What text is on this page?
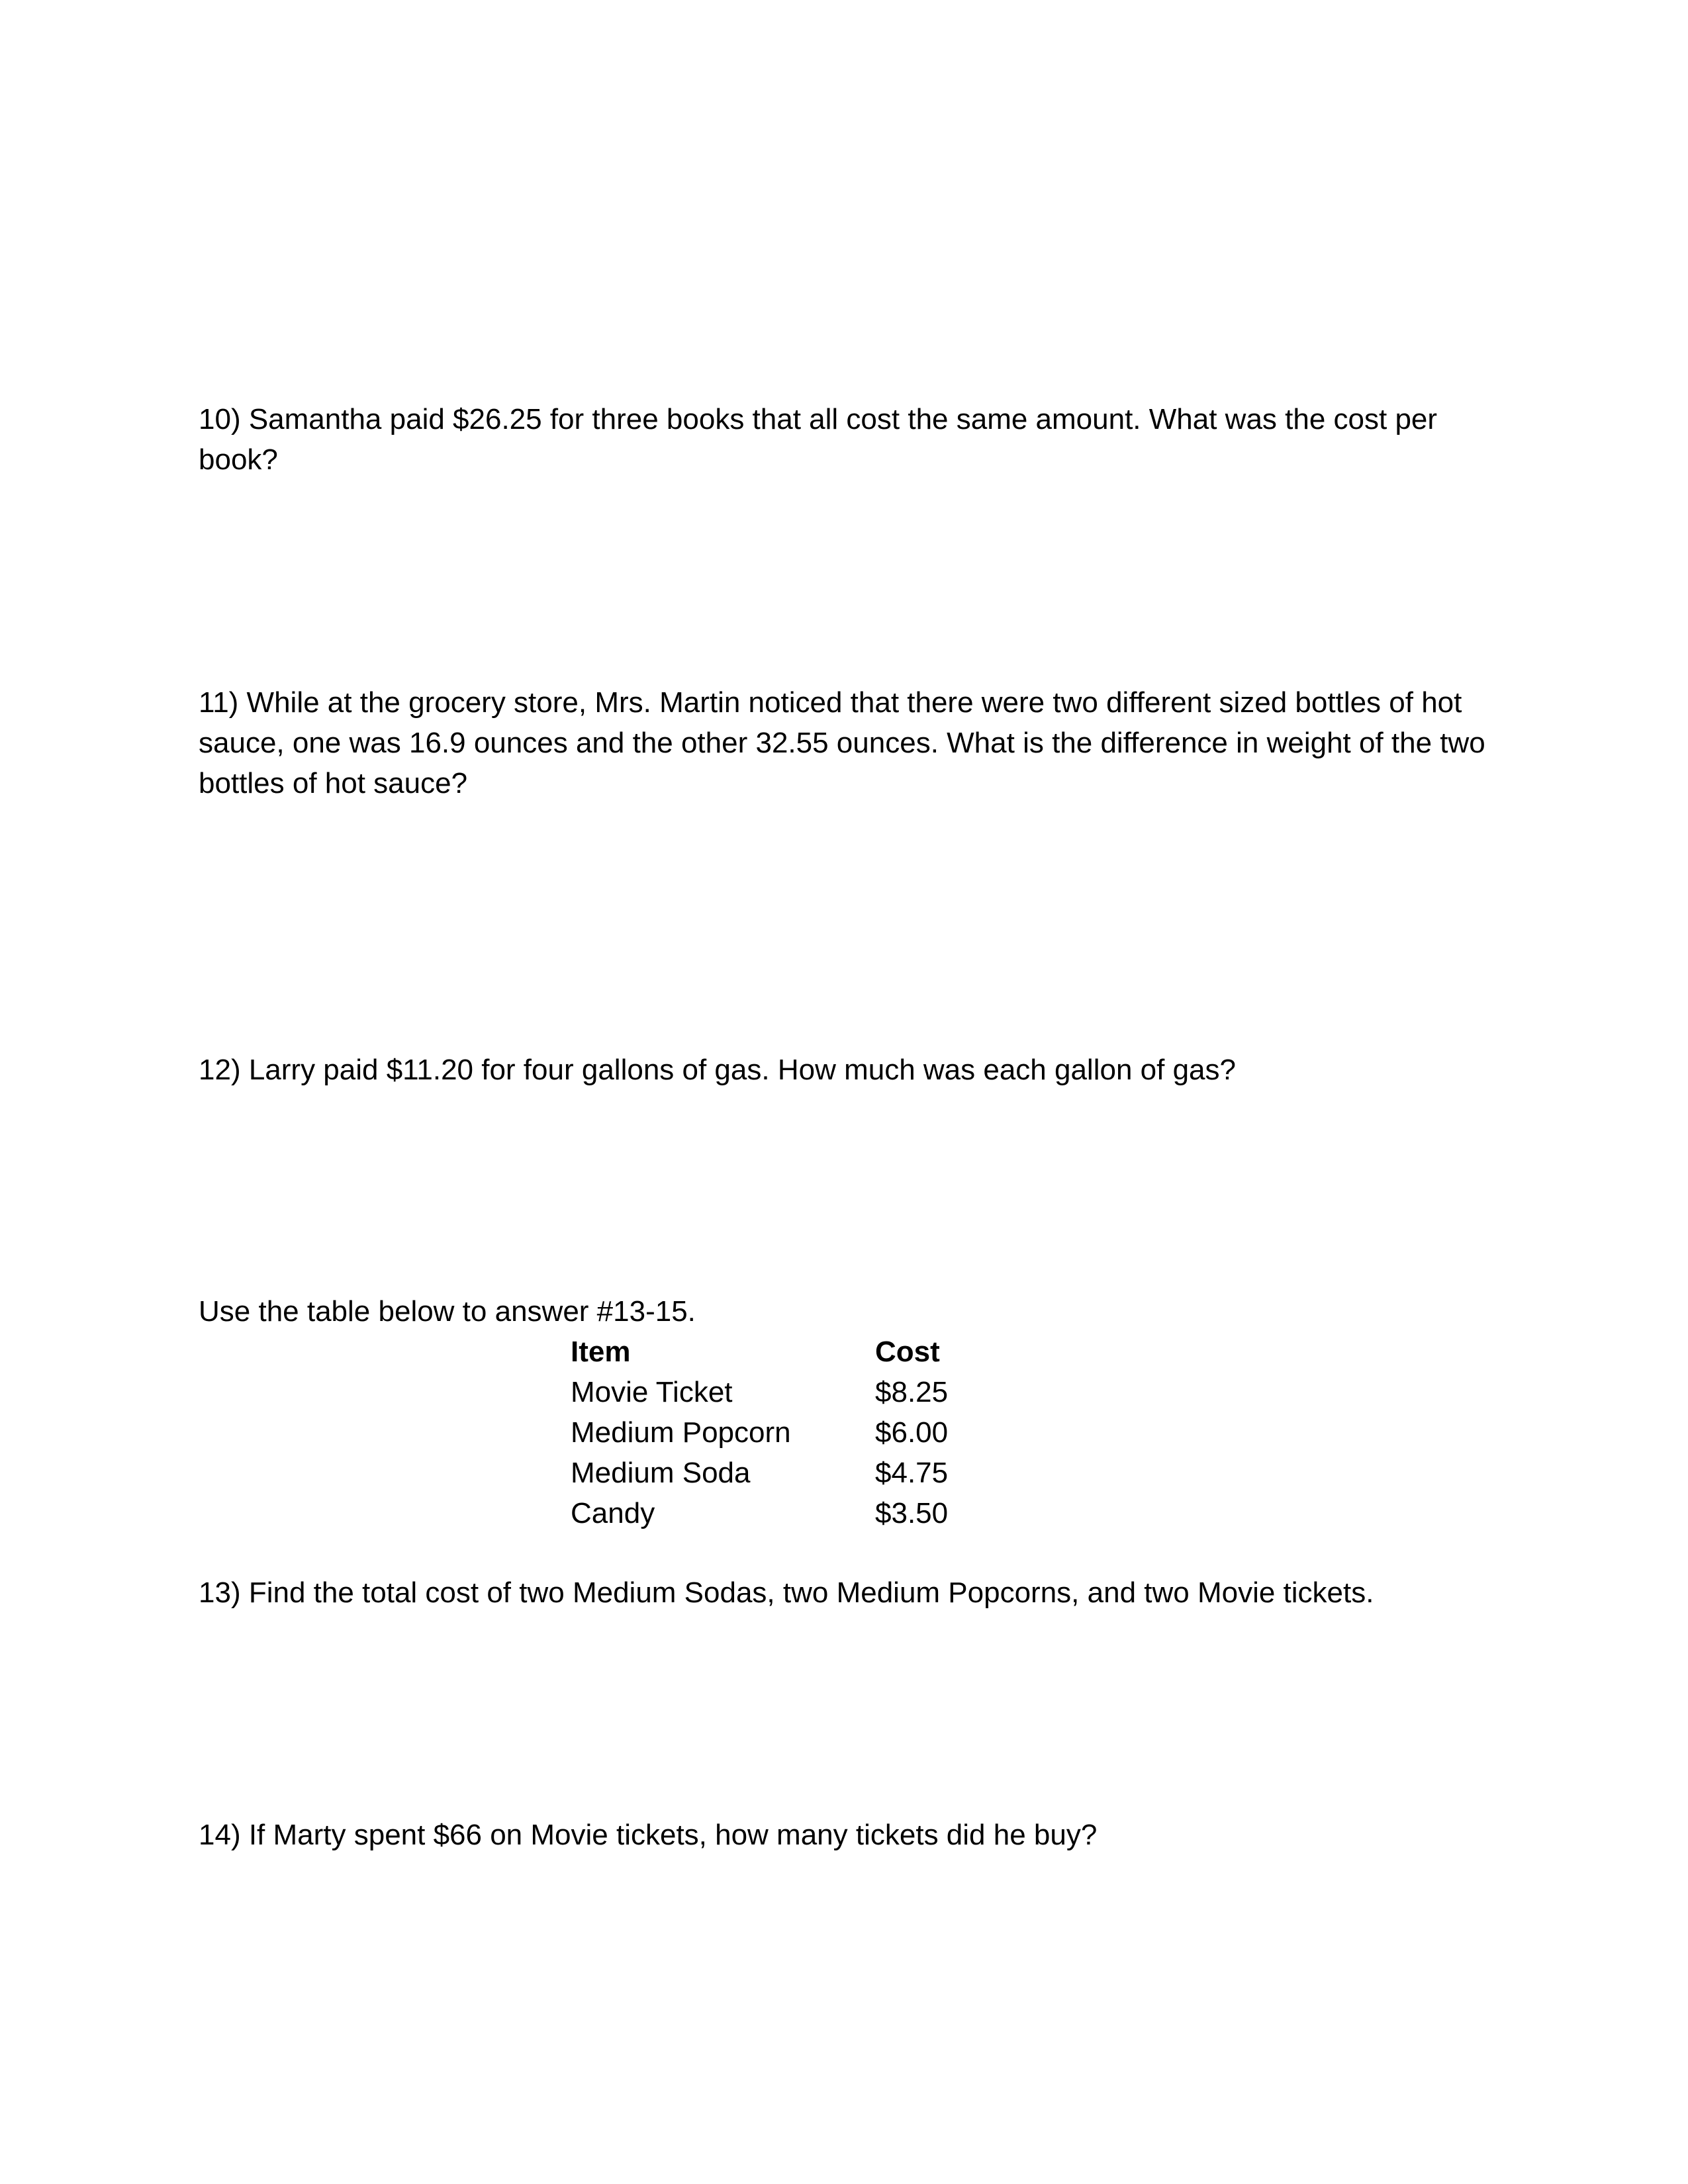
10) Samantha paid $26.25 for three books that all cost the same amount. What was the cost per book?
11) While at the grocery store, Mrs. Martin noticed that there were two different sized bottles of hot sauce, one was 16.9 ounces and the other 32.55 ounces. What is the difference in weight of the two bottles of hot sauce?
12) Larry paid $11.20 for four gallons of gas. How much was each gallon of gas?
Use the table below to answer #13-15.
Item	Cost
Movie Ticket	$8.25
Medium Popcorn	$6.00
Medium Soda	$4.75
Candy	$3.50
13) Find the total cost of two Medium Sodas, two Medium Popcorns, and two Movie tickets.
14) If Marty spent $66 on Movie tickets, how many tickets did he buy?
